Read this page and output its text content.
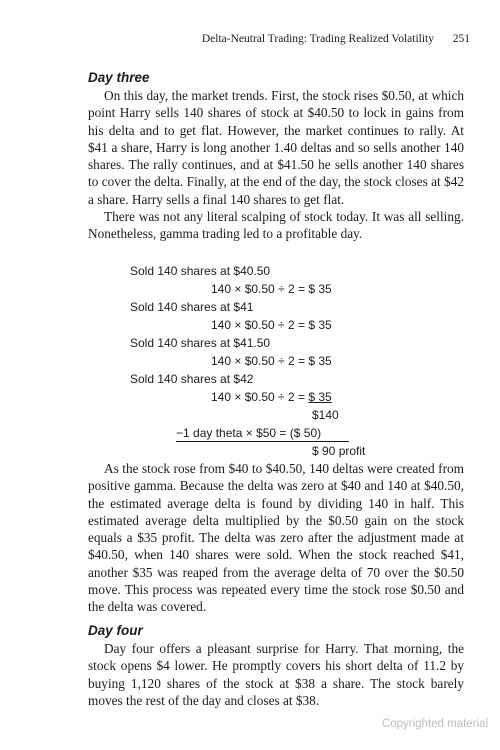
Delta-Neutral Trading: Trading Realized Volatility 251
Day three

On this day, the market trends. First, the stock rises $0.50, at which point Harry sells 140 shares of stock at $40.50 to lock in gains from his delta and to get flat. However, the market continues to rally. At $41 a share, Harry is long another 1.40 deltas and so sells another 140 shares. The rally continues, and at $41.50 he sells another 140 shares to cover the delta. Finally, at the end of the day, the stock closes at $42 a share. Harry sells a final 140 shares to get flat.

There was not any literal scalping of stock today. It was all selling. Nonetheless, gamma trading led to a profitable day.

Sold 140 shares at $40.50
140 × $0.50 ÷ 2 = $ 35
Sold 140 shares at $41
140 × $0.50 ÷ 2 = $ 35
Sold 140 shares at $41.50
140 × $0.50 ÷ 2 = $ 35
Sold 140 shares at $42
140 × $0.50 ÷ 2 = $ 35
$140
−1 day theta × $50 = ($ 50)
$ 90 profit

As the stock rose from $40 to $40.50, 140 deltas were created from positive gamma. Because the delta was zero at $40 and 140 at $40.50, the estimated average delta is found by dividing 140 in half. This estimated average delta multiplied by the $0.50 gain on the stock equals a $35 profit. The delta was zero after the adjustment made at $40.50, when 140 shares were sold. When the stock reached $41, another $35 was reaped from the average delta of 70 over the $0.50 move. This process was repeated every time the stock rose $0.50 and the delta was covered.

Day four

Day four offers a pleasant surprise for Harry. That morning, the stock opens $4 lower. He promptly covers his short delta of 11.2 by buying 1,120 shares of the stock at $38 a share. The stock barely moves the rest of the day and closes at $38.

Copyrighted material
